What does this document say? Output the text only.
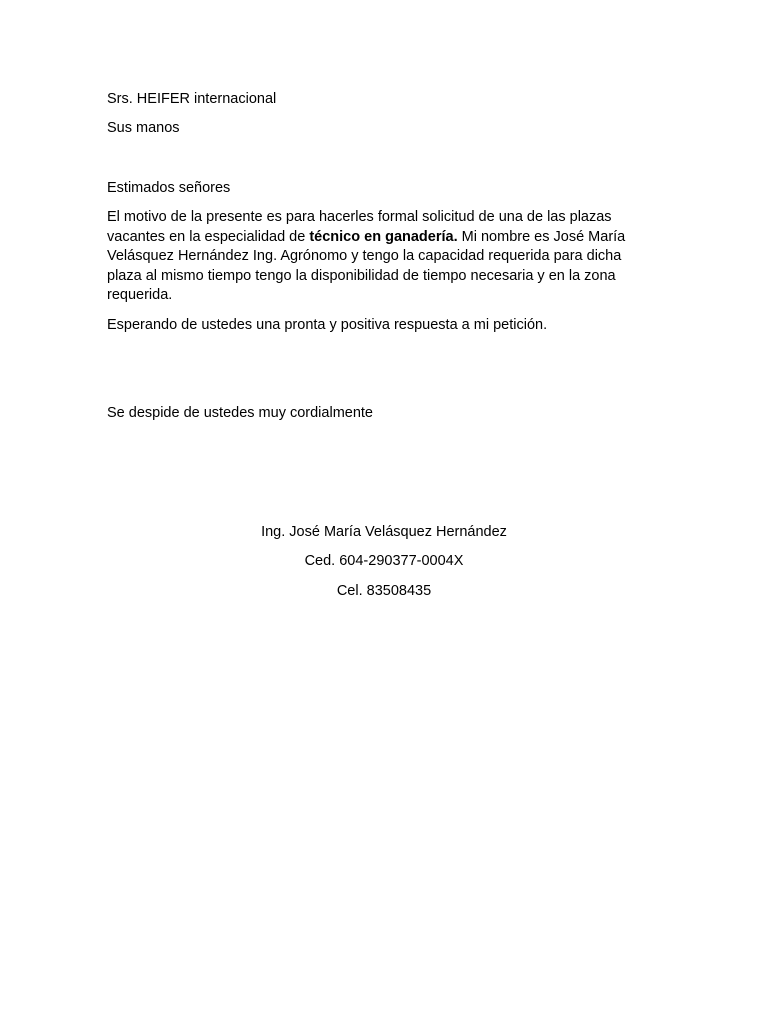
Srs. HEIFER internacional

Sus manos

Estimados señores

El motivo de la presente es para hacerles formal solicitud de una de las plazas
vacantes en la especialidad de técnico en ganadería. Mi nombre es José María
Velásquez Hernández Ing. Agrónomo y tengo la capacidad requerida para dicha
plaza al mismo tiempo tengo la disponibilidad de tiempo necesaria y en la zona
requerida.

Esperando de ustedes una pronta y positiva respuesta a mi petición.

Se despide de ustedes muy cordialmente

Ing. José María Velásquez Hernández

Ced. 604-290377-0004X

Cel. 83508435
